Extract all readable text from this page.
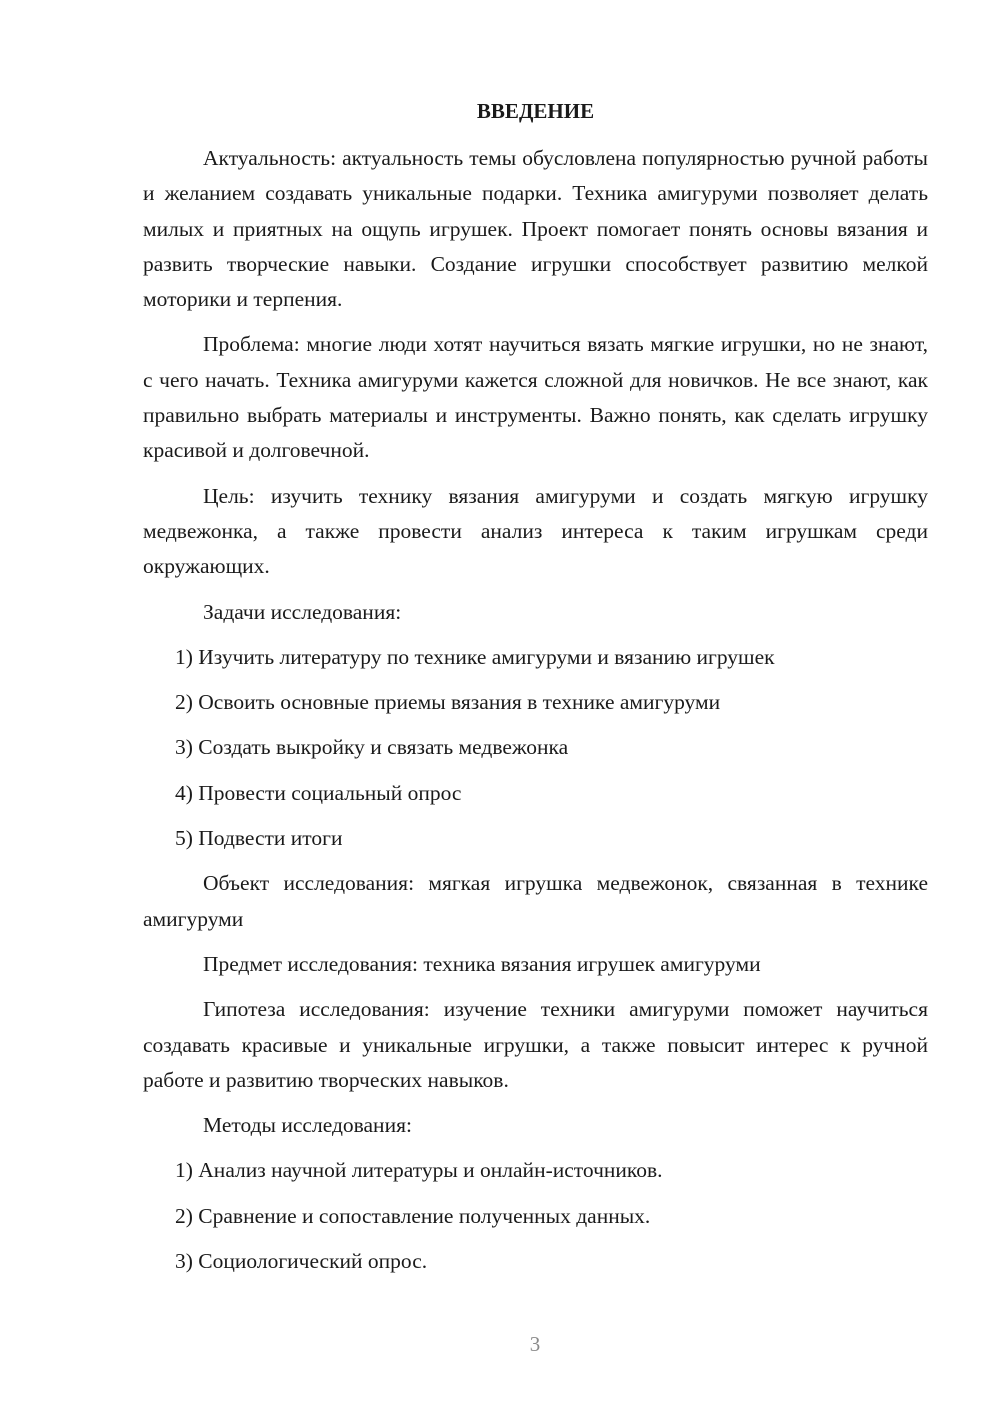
ВВЕДЕНИЕ

Актуальность: актуальность темы обусловлена популярностью ручной работы и желанием создавать уникальные подарки. Техника амигуруми позволяет делать милых и приятных на ощупь игрушек. Проект помогает понять основы вязания и развить творческие навыки. Создание игрушки способствует развитию мелкой моторики и терпения.

Проблема: многие люди хотят научиться вязать мягкие игрушки, но не знают, с чего начать. Техника амигуруми кажется сложной для новичков. Не все знают, как правильно выбрать материалы и инструменты. Важно понять, как сделать игрушку красивой и долговечной.

Цель: изучить технику вязания амигуруми и создать мягкую игрушку медвежонка, а также провести анализ интереса к таким игрушкам среди окружающих.

Задачи исследования:
1) Изучить литературу по технике амигуруми и вязанию игрушек
2) Освоить основные приемы вязания в технике амигуруми
3) Создать выкройку и связать медвежонка
4) Провести социальный опрос
5) Подвести итоги

Объект исследования: мягкая игрушка медвежонок, связанная в технике амигуруми

Предмет исследования: техника вязания игрушек амигуруми

Гипотеза исследования: изучение техники амигуруми поможет научиться создавать красивые и уникальные игрушки, а также повысит интерес к ручной работе и развитию творческих навыков.

Методы исследования:
1) Анализ научной литературы и онлайн-источников.
2) Сравнение и сопоставление полученных данных.
3) Социологический опрос.
3
